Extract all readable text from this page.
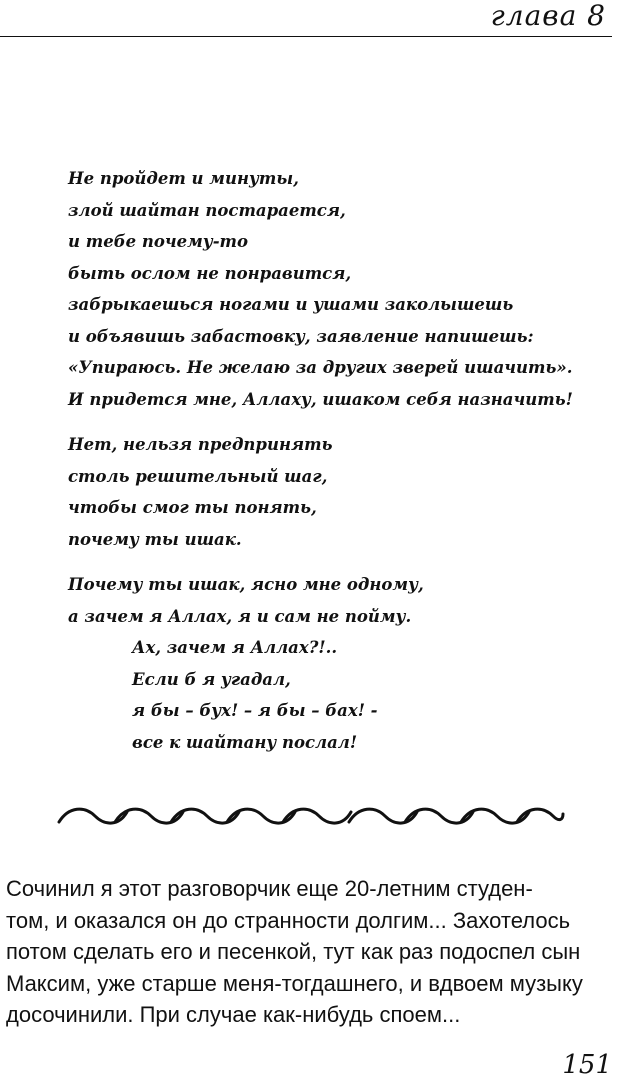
глава 8
Не пройдет и минуты,
злой шайтан постарается,
и тебе почему-то
быть ослом не понравится,
забрыкаешься ногами и ушами заколышешь
и объявишь забастовку, заявление напишешь:
«Упираюсь. Не желаю за других зверей ишачить».
И придется мне, Аллаху, ишаком себя назначить!
Нет, нельзя предпринять
столь решительный шаг,
чтобы смог ты понять,
почему ты ишак.
Почему ты ишак, ясно мне одному,
а зачем я Аллах, я и сам не пойму.
Ах, зачем я Аллах?!..
Если б я угадал,
я бы – бух! – я бы – бах! -
все к шайтану послал!
Сочинил я этот разговорчик еще 20-летним студен-
том, и оказался он до странности долгим... Захотелось
потом сделать его и песенкой, тут как раз подоспел сын
Максим, уже старше меня-тогдашнего, и вдвоем музыку
досочинили. При случае как-нибудь споем...
151
